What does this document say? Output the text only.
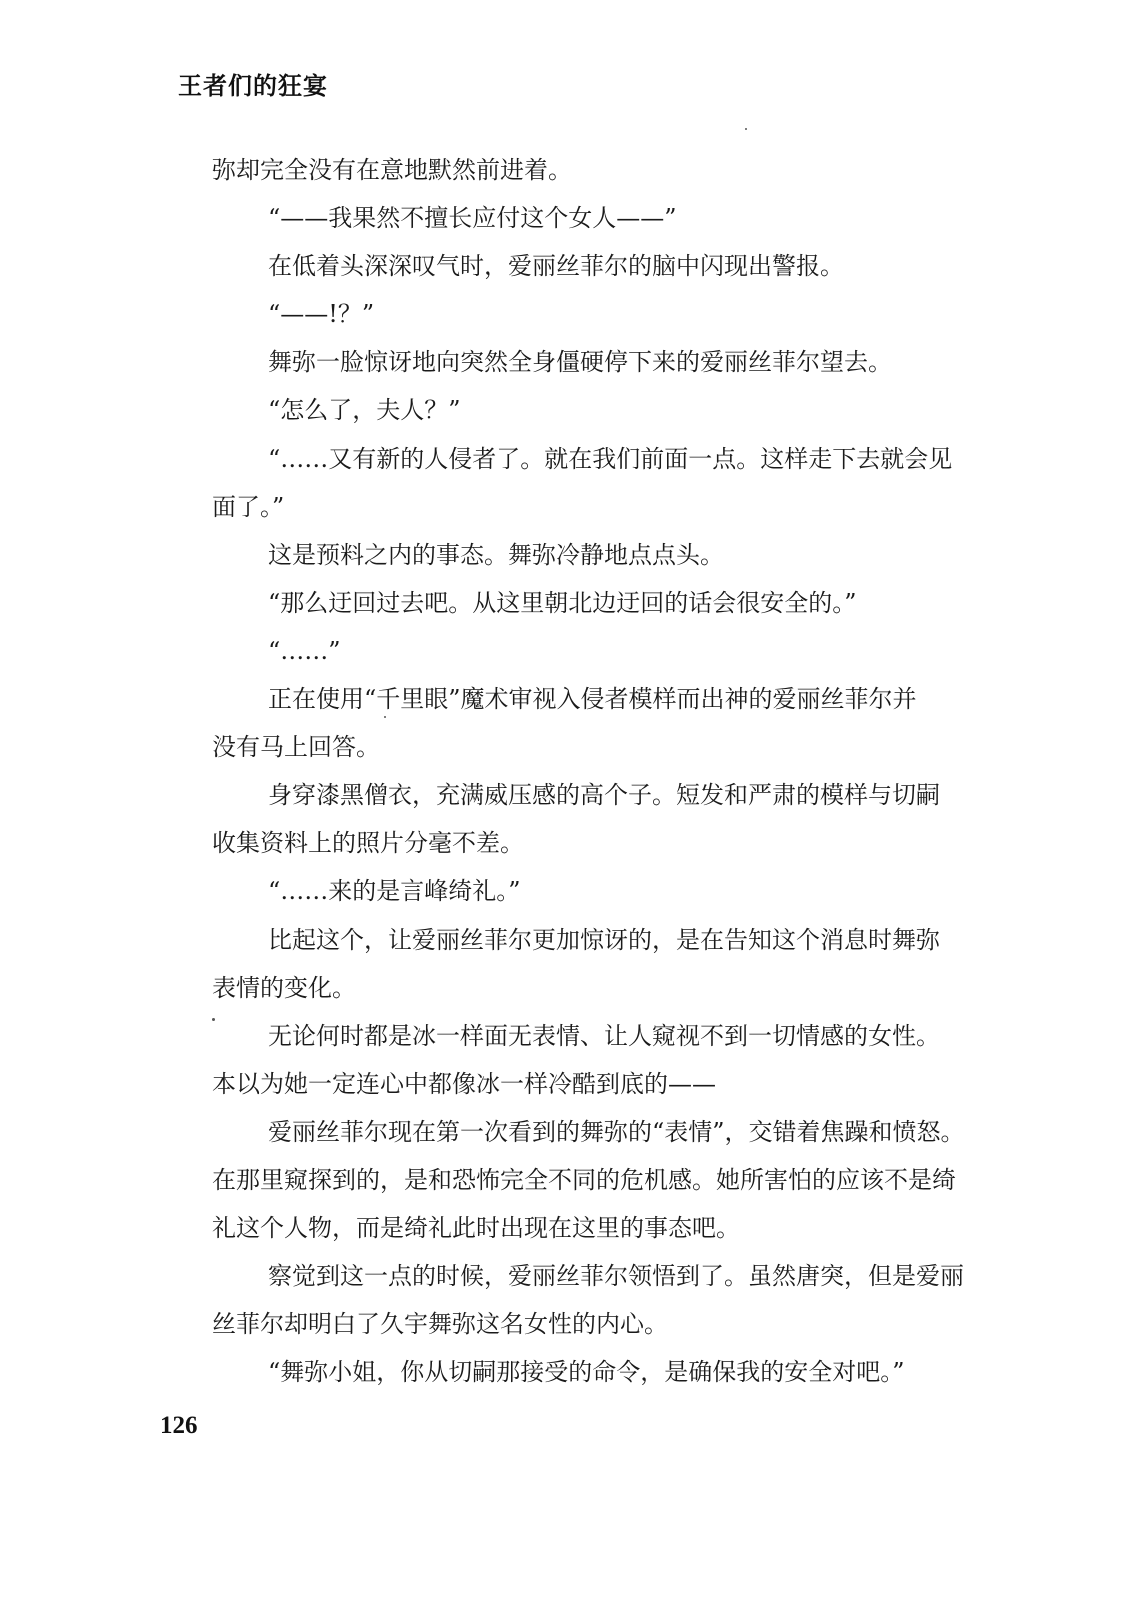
王者们的狂宴

弥却完全没有在意地默然前进着。

“——我果然不擅长应付这个女人——”

在低着头深深叹气时，爱丽丝菲尔的脑中闪现出警报。

“——!？”

舞弥一脸惊讶地向突然全身僵硬停下来的爱丽丝菲尔望去。

“怎么了，夫人？”

“……又有新的人侵者了。就在我们前面一点。这样走下去就会见

面了。”

这是预料之内的事态。舞弥冷静地点点头。

“那么迂回过去吧。从这里朝北边迂回的话会很安全的。”

“……”

正在使用“千里眼”魔术审视入侵者模样而出神的爱丽丝菲尔并

没有马上回答。

身穿漆黑僧衣，充满威压感的高个子。短发和严肃的模样与切嗣

收集资料上的照片分毫不差。

“……来的是言峰绮礼。”

比起这个，让爱丽丝菲尔更加惊讶的，是在告知这个消息时舞弥

表情的变化。

无论何时都是冰一样面无表情、让人窥视不到一切情感的女性。

本以为她一定连心中都像冰一样冷酷到底的——

爱丽丝菲尔现在第一次看到的舞弥的“表情”，交错着焦躁和愤怒。

在那里窥探到的，是和恐怖完全不同的危机感。她所害怕的应该不是绮

礼这个人物，而是绮礼此时出现在这里的事态吧。

察觉到这一点的时候，爱丽丝菲尔领悟到了。虽然唐突，但是爱丽

丝菲尔却明白了久宇舞弥这名女性的内心。

“舞弥小姐，你从切嗣那接受的命令，是确保我的安全对吧。”

126
